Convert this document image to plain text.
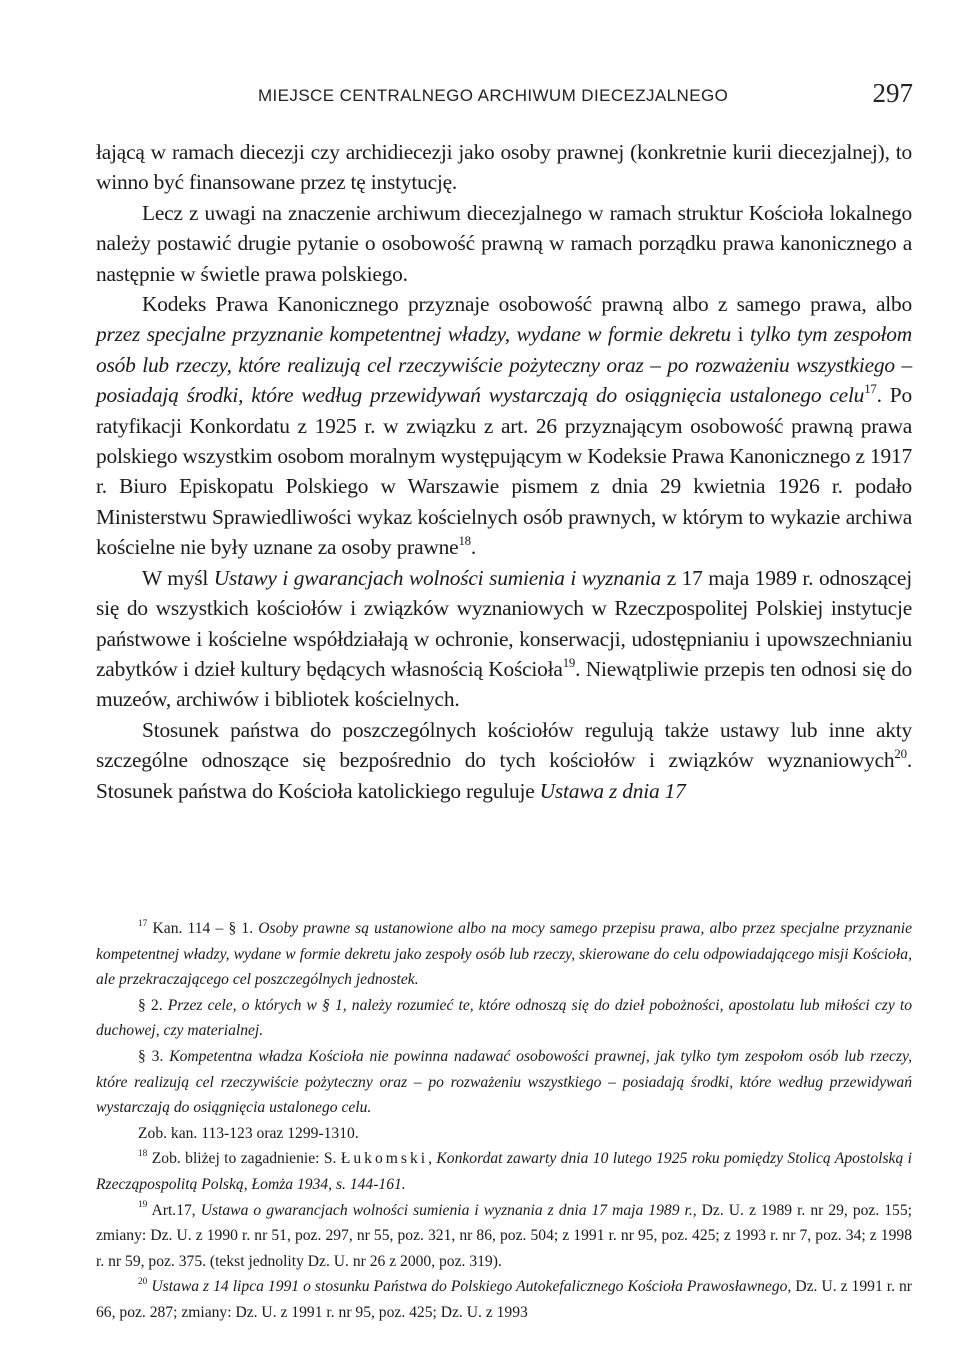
MIEJSCE CENTRALNEGO ARCHIWUM DIECEZJALNEGO	297

łającą w ramach diecezji czy archidiecezji jako osoby prawnej (konkretnie kurii diecezjalnej), to winno być finansowane przez tę instytucję.

Lecz z uwagi na znaczenie archiwum diecezjalnego w ramach struktur Kościoła lokalnego należy postawić drugie pytanie o osobowość prawną w ramach porządku prawa kanonicznego a następnie w świetle prawa polskiego.

Kodeks Prawa Kanonicznego przyznaje osobowość prawną albo z samego prawa, albo przez specjalne przyznanie kompetentnej władzy, wydane w formie dekretu i tylko tym zespołom osób lub rzeczy, które realizują cel rzeczywiście pożyteczny oraz – po rozważeniu wszystkiego – posiadają środki, które według przewidywań wystarczają do osiągnięcia ustalonego celu$^{17}$. Po ratyfikacji Konkordatu z 1925 r. w związku z art. 26 przyznającym osobowość prawną prawa polskiego wszystkim osobom moralnym występującym w Kodeksie Prawa Kanonicznego z 1917 r. Biuro Episkopatu Polskiego w Warszawie pismem z dnia 29 kwietnia 1926 r. podało Ministerstwu Sprawiedliwości wykaz kościelnych osób prawnych, w którym to wykazie archiwa kościelne nie były uznane za osoby prawne$^{18}$.

W myśl Ustawy i gwarancjach wolności sumienia i wyznania z 17 maja 1989 r. odnoszącej się do wszystkich kościołów i związków wyznaniowych w Rzeczpospolitej Polskiej instytucje państwowe i kościelne współdziałają w ochronie, konserwacji, udostępnianiu i upowszechnianiu zabytków i dzieł kultury będących własnością Kościoła$^{19}$. Niewątpliwie przepis ten odnosi się do muzeów, archiwów i bibliotek kościelnych.

Stosunek państwa do poszczególnych kościołów regulują także ustawy lub inne akty szczególne odnoszące się bezpośrednio do tych kościołów i związków wyznaniowych$^{20}$. Stosunek państwa do Kościoła katolickiego reguluje Ustawa z dnia 17

$^{17}$ Kan. 114 – § 1. Osoby prawne są ustanowione albo na mocy samego przepisu prawa, albo przez specjalne przyznanie kompetentnej władzy, wydane w formie dekretu jako zespoły osób lub rzeczy, skierowane do celu odpowiadającego misji Kościoła, ale przekraczającego cel poszczególnych jednostek.

§ 2. Przez cele, o których w § 1, należy rozumieć te, które odnoszą się do dzieł pobożności, apostolatu lub miłości czy to duchowej, czy materialnej.

§ 3. Kompetentna władza Kościoła nie powinna nadawać osobowości prawnej, jak tylko tym zespołom osób lub rzeczy, które realizują cel rzeczywiście pożyteczny oraz – po rozważeniu wszystkiego – posiadają środki, które według przewidywań wystarczają do osiągnięcia ustalonego celu.

Zob. kan. 113-123 oraz 1299-1310.

$^{18}$ Zob. bliżej to zagadnienie: S. Łukomski, Konkordat zawarty dnia 10 lutego 1925 roku pomiędzy Stolicą Apostolską i Rzecząpospolitą Polską, Łomża 1934, s. 144-161.

$^{19}$ Art.17, Ustawa o gwarancjach wolności sumienia i wyznania z dnia 17 maja 1989 r., Dz. U. z 1989 r. nr 29, poz. 155; zmiany: Dz. U. z 1990 r. nr 51, poz. 297, nr 55, poz. 321, nr 86, poz. 504; z 1991 r. nr 95, poz. 425; z 1993 r. nr 7, poz. 34; z 1998 r. nr 59, poz. 375. (tekst jednolity Dz. U. nr 26 z 2000, poz. 319).

$^{20}$ Ustawa z 14 lipca 1991 o stosunku Państwa do Polskiego Autokefalicznego Kościoła Prawosławnego, Dz. U. z 1991 r. nr 66, poz. 287; zmiany: Dz. U. z 1991 r. nr 95, poz. 425; Dz. U. z 1993
